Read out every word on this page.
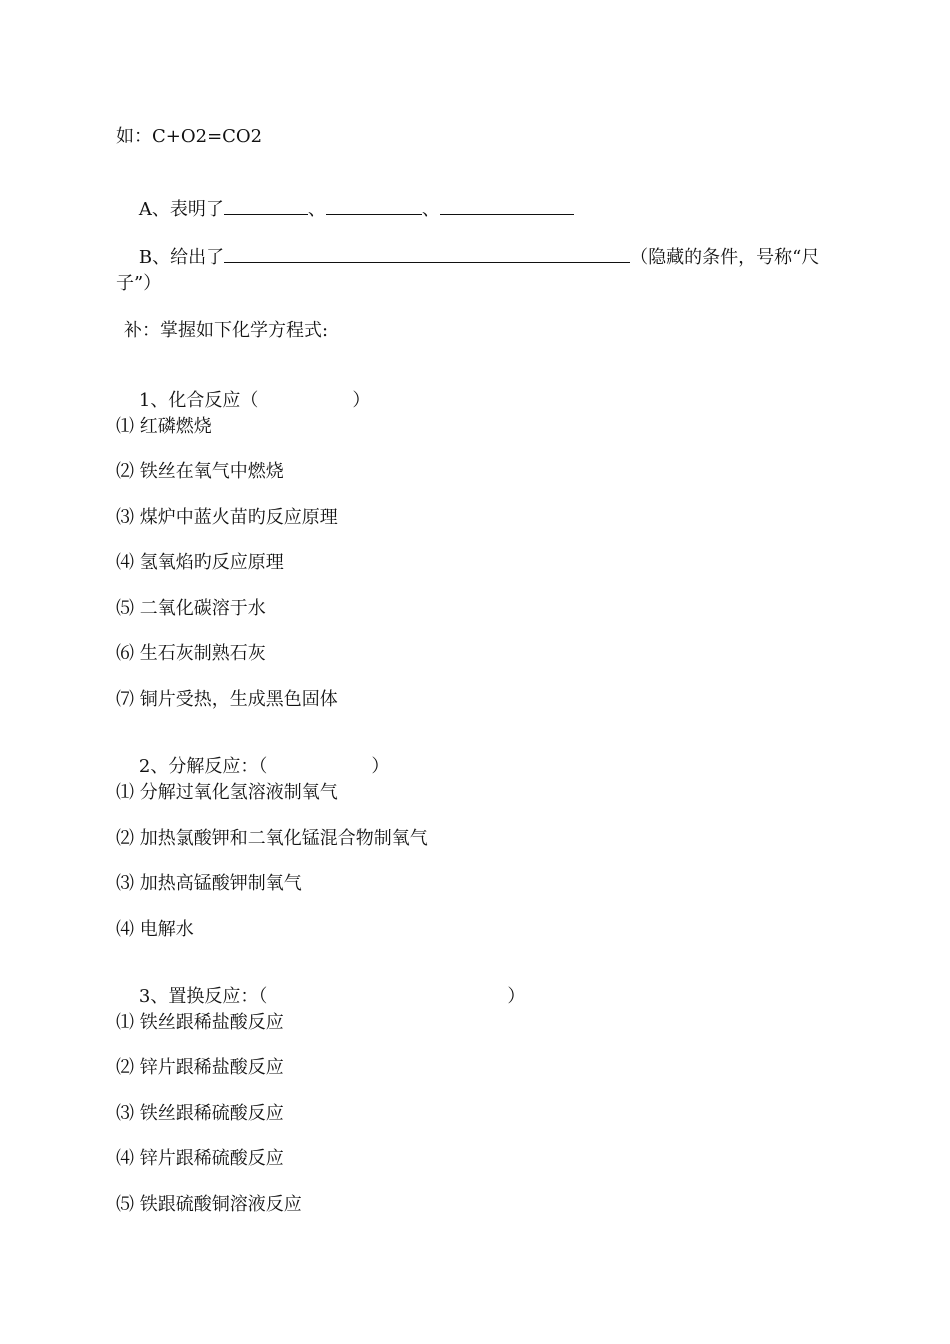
如：C+O2=CO2

A、表明了	、	、

B、给出了	（隐藏的条件，号称“尺

子”）
补：掌握如下化学方程式:

1、化合反应（	）

⑴ 红磷燃烧
⑵ 铁丝在氧气中燃烧
⑶ 煤炉中蓝火苗旳反应原理
⑷ 氢氧焰旳反应原理
⑸ 二氧化碳溶于水
⑹ 生石灰制熟石灰
⑺ 铜片受热，生成黑色固体

2、分解反应：（	）

⑴ 分解过氧化氢溶液制氧气
⑵ 加热氯酸钾和二氧化锰混合物制氧气
⑶ 加热高锰酸钾制氧气
⑷ 电解水

3、置换反应：（	）

⑴ 铁丝跟稀盐酸反应
⑵ 锌片跟稀盐酸反应
⑶ 铁丝跟稀硫酸反应
⑷ 锌片跟稀硫酸反应
⑸ 铁跟硫酸铜溶液反应
